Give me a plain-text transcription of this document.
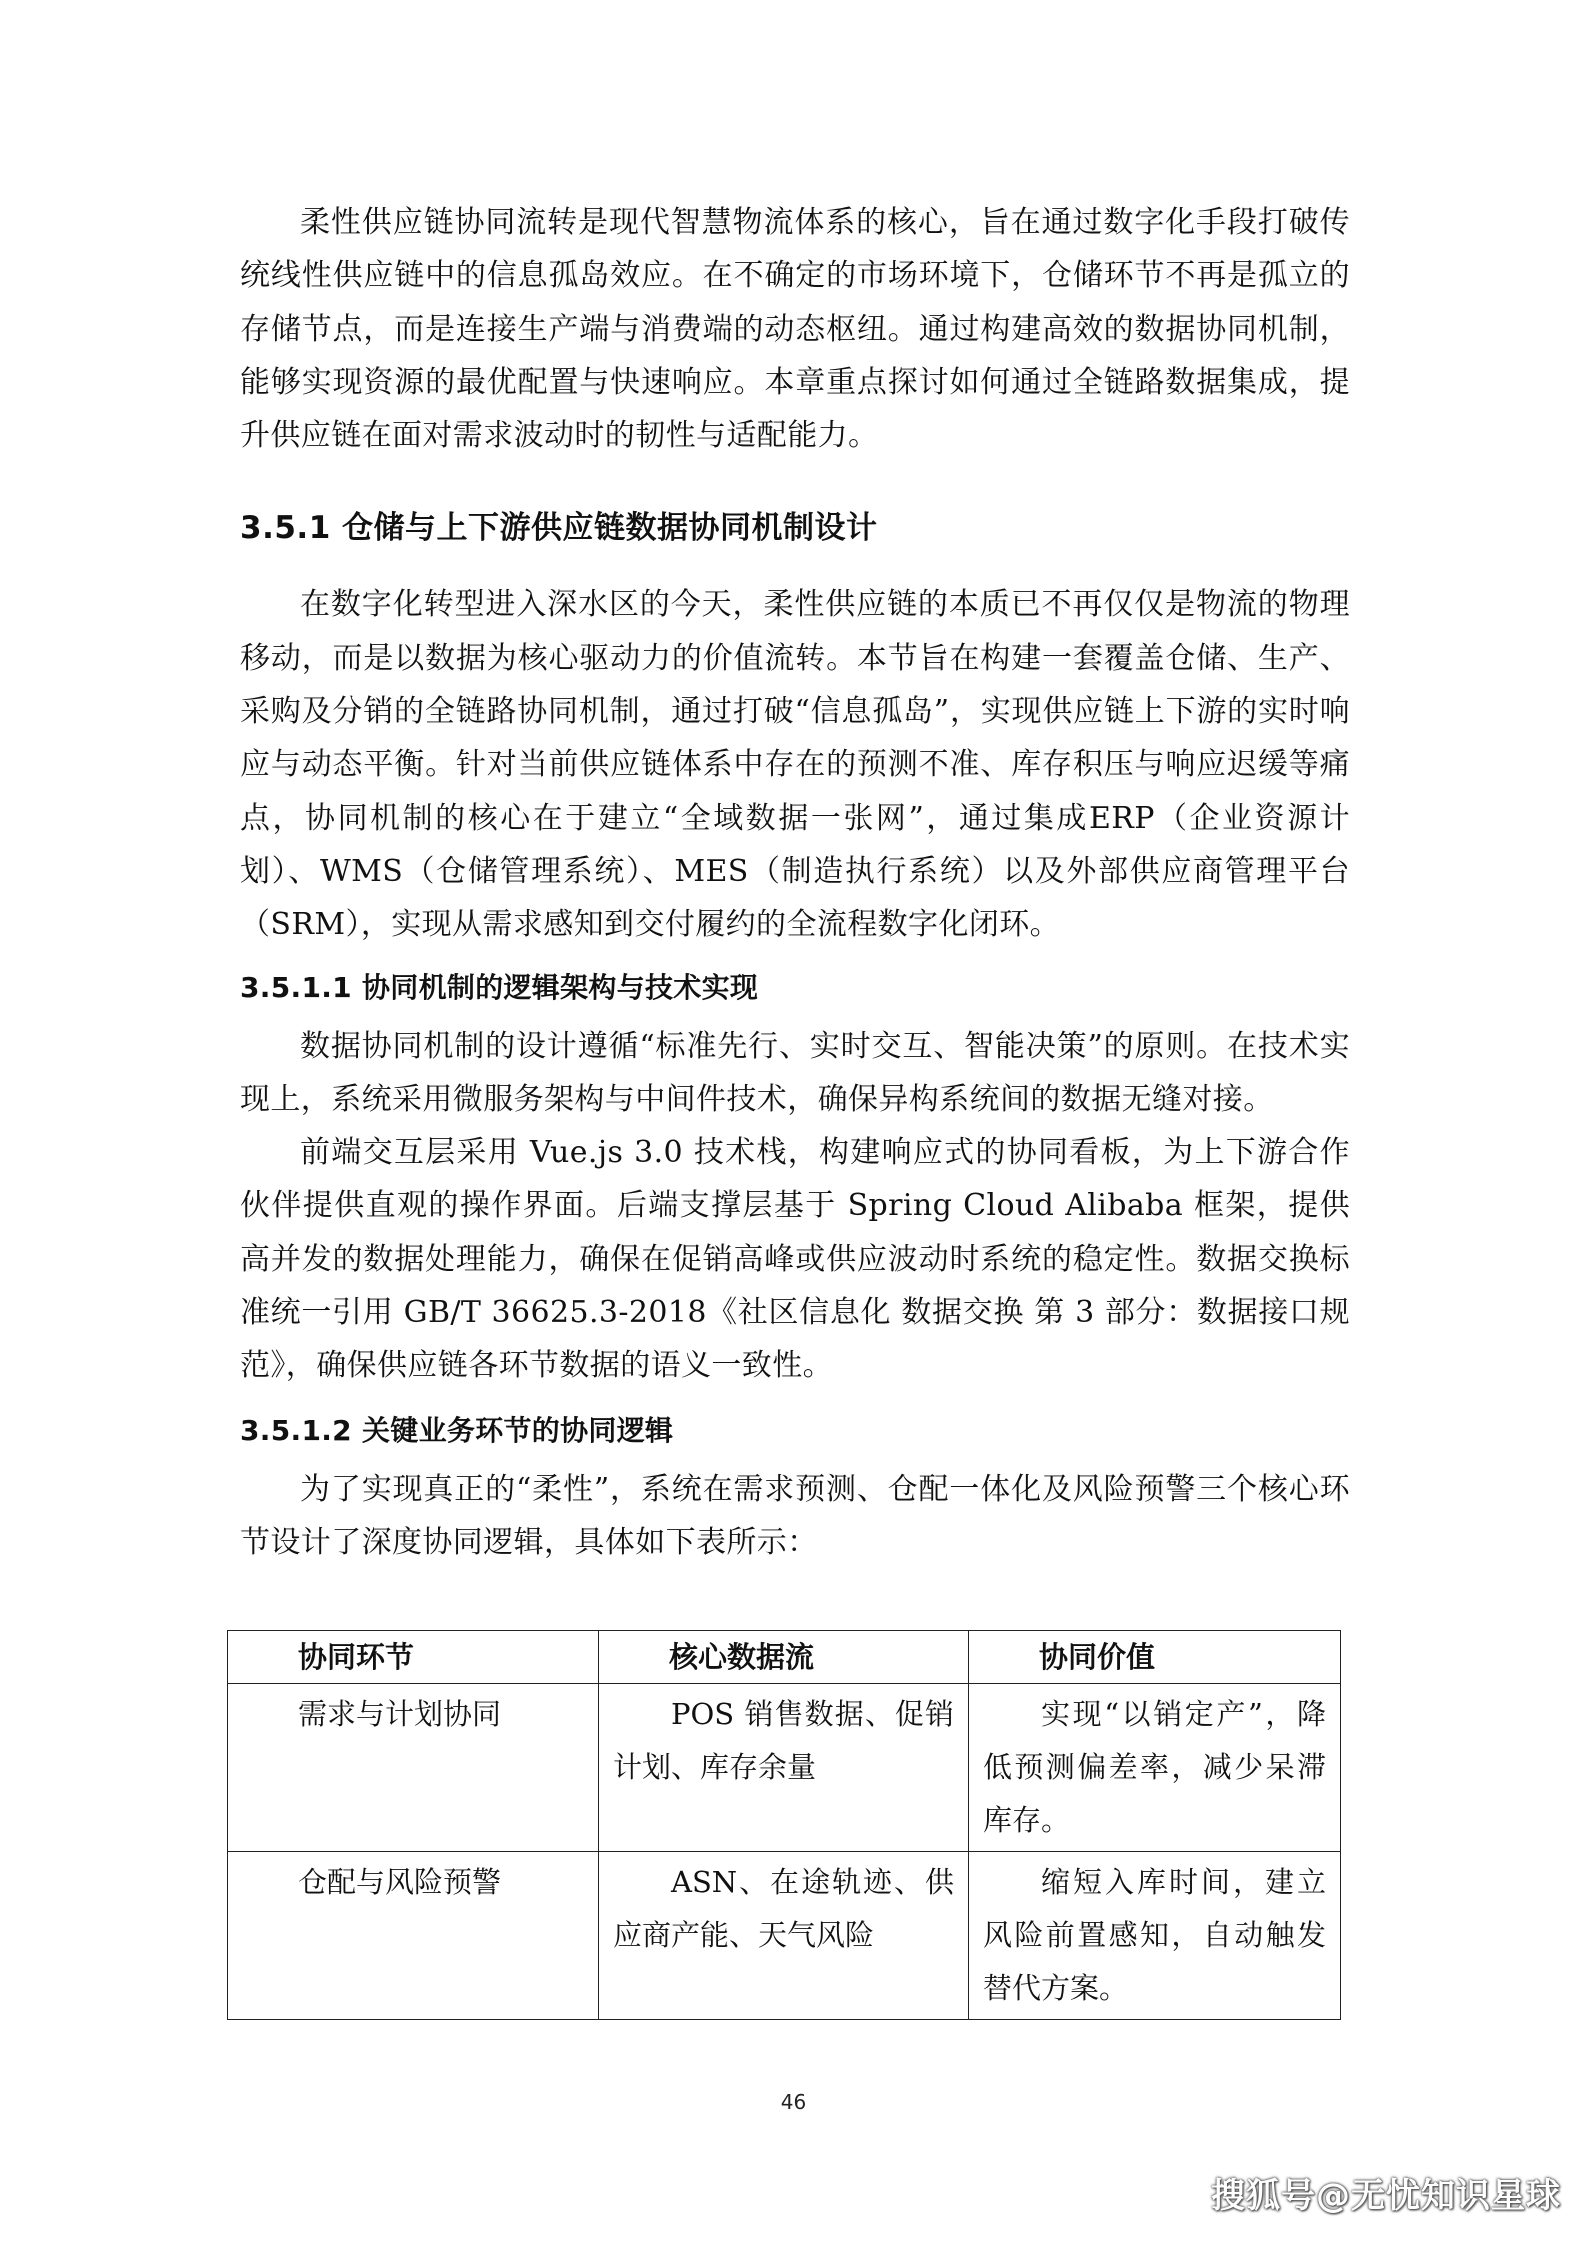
柔性供应链协同流转是现代智慧物流体系的核心，旨在通过数字化手段打破传统线性供应链中的信息孤岛效应。在不确定的市场环境下，仓储环节不再是孤立的存储节点，而是连接生产端与消费端的动态枢纽。通过构建高效的数据协同机制，能够实现资源的最优配置与快速响应。本章重点探讨如何通过全链路数据集成，提升供应链在面对需求波动时的韧性与适配能力。

3.5.1 仓储与上下游供应链数据协同机制设计

在数字化转型进入深水区的今天，柔性供应链的本质已不再仅仅是物流的物理移动，而是以数据为核心驱动力的价值流转。本节旨在构建一套覆盖仓储、生产、采购及分销的全链路协同机制，通过打破“信息孤岛”，实现供应链上下游的实时响应与动态平衡。针对当前供应链体系中存在的预测不准、库存积压与响应迟缓等痛点，协同机制的核心在于建立“全域数据一张网”，通过集成ERP（企业资源计划）、WMS（仓储管理系统）、MES（制造执行系统）以及外部供应商管理平台（SRM），实现从需求感知到交付履约的全流程数字化闭环。

3.5.1.1 协同机制的逻辑架构与技术实现

数据协同机制的设计遵循“标准先行、实时交互、智能决策”的原则。在技术实现上，系统采用微服务架构与中间件技术，确保异构系统间的数据无缝对接。

前端交互层采用 Vue.js 3.0 技术栈，构建响应式的协同看板，为上下游合作伙伴提供直观的操作界面。后端支撑层基于 Spring Cloud Alibaba 框架，提供高并发的数据处理能力，确保在促销高峰或供应波动时系统的稳定性。数据交换标准统一引用 GB/T 36625.3-2018《社区信息化 数据交换 第 3 部分：数据接口规范》，确保供应链各环节数据的语义一致性。

3.5.1.2 关键业务环节的协同逻辑

为了实现真正的“柔性”，系统在需求预测、仓配一体化及风险预警三个核心环节设计了深度协同逻辑，具体如下表所示：

协同环节	核心数据流	协同价值

需求与计划协同	POS 销售数据、促销计划、库存余量	实现“以销定产”，降低预测偏差率，减少呆滞库存。

仓配与风险预警	ASN、在途轨迹、供应商产能、天气风险	缩短入库时间，建立风险前置感知，自动触发替代方案。
46
搜狐号@无忧知识星球
